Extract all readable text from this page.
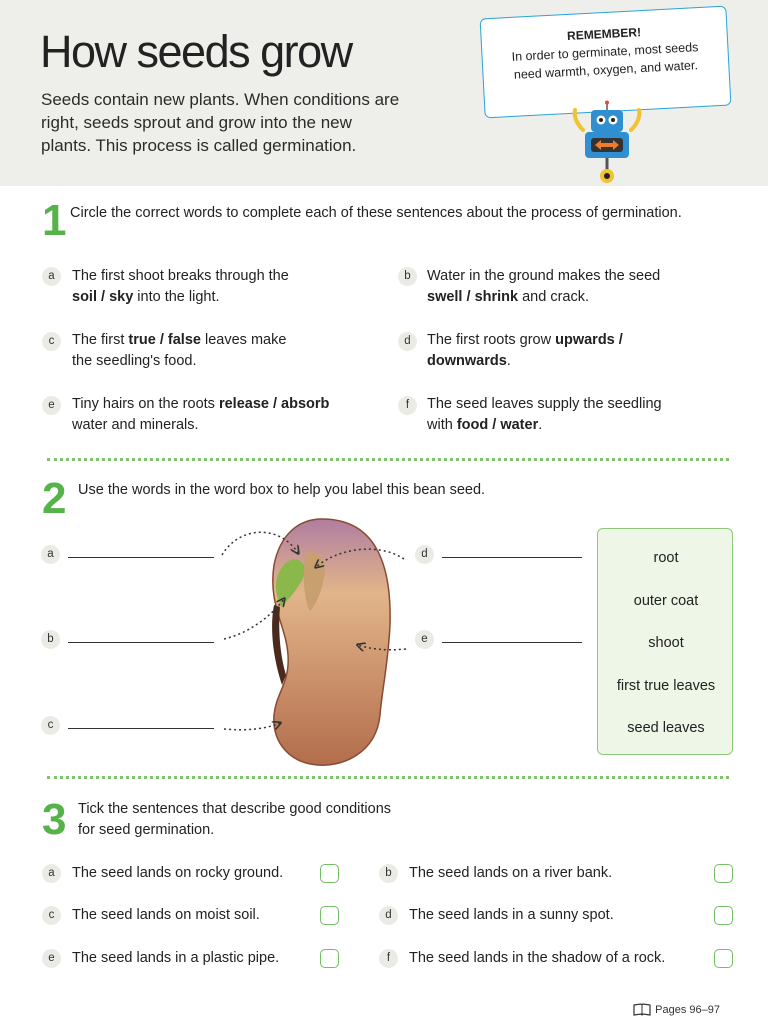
How seeds grow

Seeds contain new plants. When conditions are right, seeds sprout and grow into the new plants. This process is called germination.

REMEMBER!
In order to germinate, most seeds need warmth, oxygen, and water.
1 Circle the correct words to complete each of these sentences about the process of germination.
a	The first shoot breaks through the soil / sky into the light.
b	Water in the ground makes the seed swell / shrink and crack.
c	The first true / false leaves make the seedling's food.
d	The first roots grow upwards / downwards.
e	Tiny hairs on the roots release / absorb water and minerals.
f	The seed leaves supply the seedling with food / water.
2 Use the words in the word box to help you label this bean seed.
a
b
c
d
e
root
outer coat
shoot
first true leaves
seed leaves
3 Tick the sentences that describe good conditions for seed germination.
a	The seed lands on rocky ground.	b	The seed lands on a river bank.
c	The seed lands on moist soil.	d	The seed lands in a sunny spot.
e	The seed lands in a plastic pipe.	f	The seed lands in the shadow of a rock.
Pages 96–97
